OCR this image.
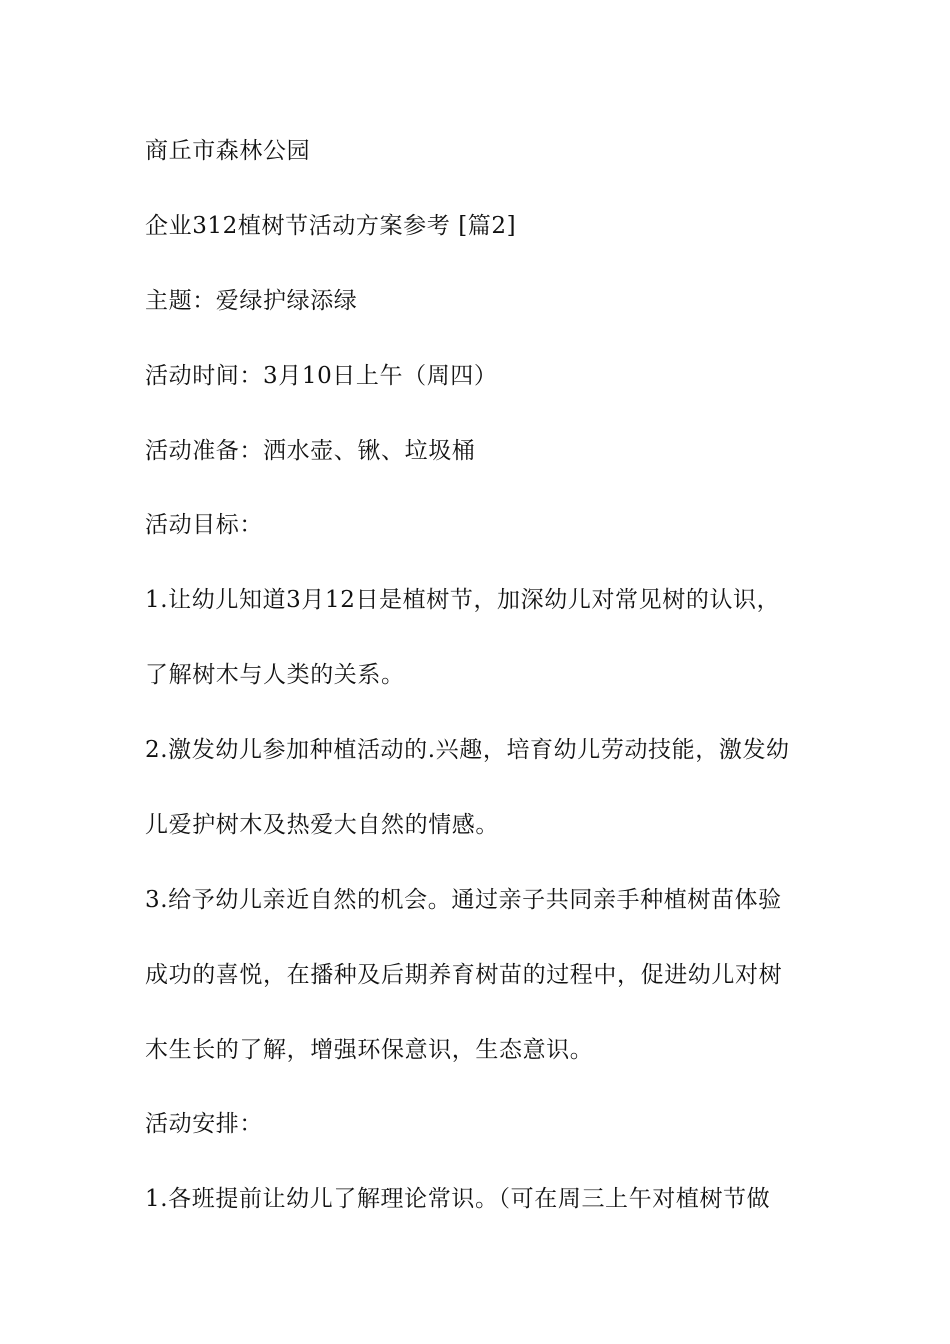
商丘市森林公园
企业312植树节活动方案参考 [篇2]
主题：爱绿护绿添绿
活动时间：3月10日上午（周四）
活动准备：洒水壶、锹、垃圾桶
活动目标：
1.让幼儿知道3月12日是植树节，加深幼儿对常见树的认识，
了解树木与人类的关系。
2.激发幼儿参加种植活动的.兴趣，培育幼儿劳动技能，激发幼
儿爱护树木及热爱大自然的情感。
3.给予幼儿亲近自然的机会。通过亲子共同亲手种植树苗体验
成功的喜悦，在播种及后期养育树苗的过程中，促进幼儿对树
木生长的了解，增强环保意识，生态意识。
活动安排：
1.各班提前让幼儿了解理论常识。（可在周三上午对植树节做
